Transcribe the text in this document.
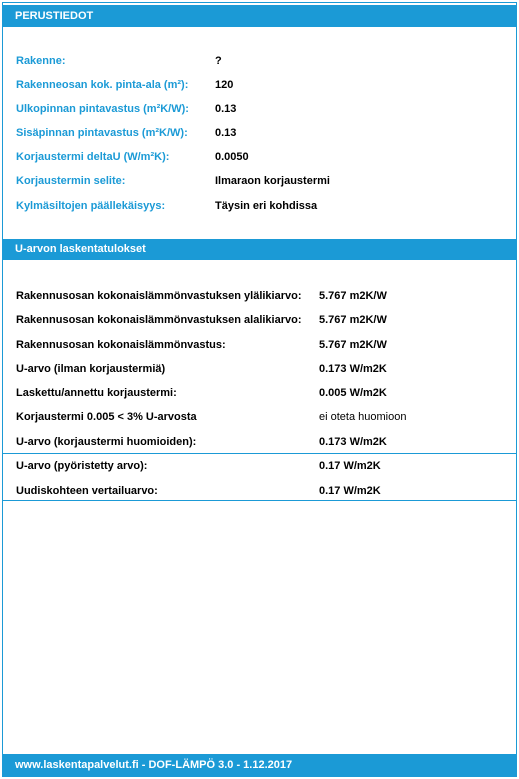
PERUSTIEDOT
Rakenne:	?
Rakenneosan kok. pinta-ala (m²): 120
Ulkopinnan pintavastus (m²K/W): 0.13
Sisäpinnan pintavastus (m²K/W): 0.13
Korjaustermi deltaU (W/m²K):	0.0050
Korjaustermin selite:	Ilmaraon korjaustermi
Kylmäsiltojen päällekäisyys:	Täysin eri kohdissa
U-arvon laskentatulokset
Rakennusosan kokonaislämmönvastuksen ylälikiarvo: 5.767 m2K/W
Rakennusosan kokonaislämmönvastuksen alalikiarvo: 5.767 m2K/W
Rakennusosan kokonaislämmönvastus:	5.767 m2K/W
U-arvo (ilman korjaustermiä)	0.173 W/m2K
Laskettu/annettu korjaustermi:	0.005 W/m2K
Korjaustermi 0.005 < 3% U-arvosta	ei oteta huomioon
U-arvo (korjaustermi huomioiden):	0.173 W/m2K
U-arvo (pyöristetty arvo):	0.17 W/m2K
Uudiskohteen vertailuarvo:	0.17 W/m2K
www.laskentapalvelut.fi - DOF-LÄMPÖ 3.0 - 1.12.2017
